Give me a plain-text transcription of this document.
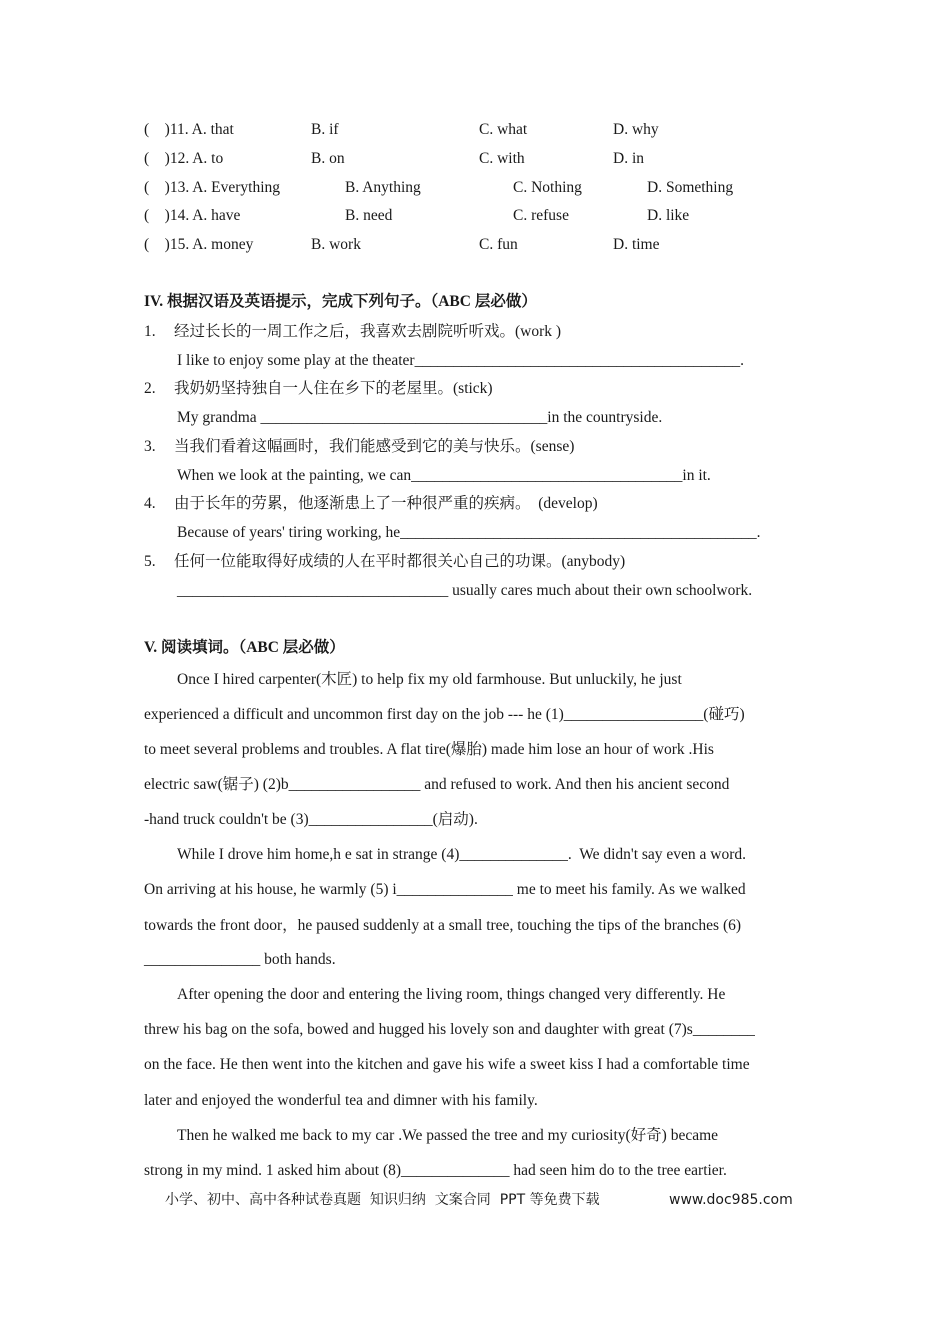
(    )11. A. that	B. if	C. what	D. why
(    )12. A. to	B. on	C. with	D. in
(    )13. A. Everything	B. Anything	C. Nothing	D. Something
(    )14. A. have	B. need	C. refuse	D. like
(    )15. A. money	B. work	C. fun	D. time
IV. 根据汉语及英语提示，完成下列句子。（ABC 层必做）
1. 经过长长的一周工作之后，我喜欢去剧院听听戏。(work )
I like to enjoy some play at the theater__________________________________________.
2. 我奶奶坚持独自一人住在乡下的老屋里。(stick)
My grandma _____________________________________in the countryside.
3. 当我们看着这幅画时，我们能感受到它的美与快乐。(sense)
When we look at the painting, we can___________________________________in it.
4. 由于长年的劳累，他逐渐患上了一种很严重的疾病。  (develop)
Because of years' tiring working, he______________________________________________.
5. 任何一位能取得好成绩的人在平时都很关心自己的功课。(anybody)
___________________________________ usually cares much about their own schoolwork.
V. 阅读填词。（ABC 层必做）
Once I hired carpenter(木匠) to help fix my old farmhouse. But unluckily, he just
experienced a difficult and uncommon first day on the job --- he (1)__________________(碰巧)
to meet several problems and troubles. A flat tire(爆胎) made him lose an hour of work .His
electric saw(锯子) (2)b_________________ and refused to work. And then his ancient second
-hand truck couldn't be (3)________________(启动).
While I drove him home,h e sat in strange (4)______________.  We didn't say even a word.
On arriving at his house, he warmly (5) i_______________ me to meet his family. As we walked
towards the front door，he paused suddenly at a small tree, touching the tips of the branches (6)
_______________ both hands.
After opening the door and entering the living room, things changed very differently. He
threw his bag on the sofa, bowed and hugged his lovely son and daughter with great (7)s________
on the face. He then went into the kitchen and gave his wife a sweet kiss I had a comfortable time
later and enjoyed the wonderful tea and dimner with his family.
Then he walked me back to my car .We passed the tree and my curiosity(好奇) became
strong in my mind. 1 asked him about (8)______________ had seen him do to the tree eartier.
小学、初中、高中各种试卷真题  知识归纳  文案合同  PPT 等免费下载	www.doc985.com
